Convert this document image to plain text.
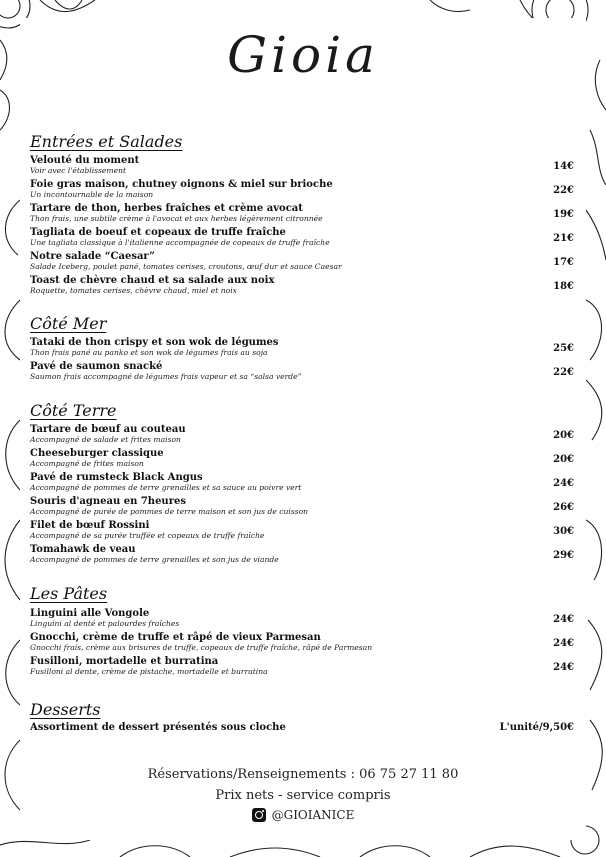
Gioia
Entrées et Salades
Velouté du moment
Voir avec l'établissement	14€
Foie gras maison, chutney oignons & miel sur brioche
Un incontournable de la maison	22€
Tartare de thon, herbes fraîches et crème avocat
Thon frais, une subtile crème à l'avocat et aux herbes légèrement citronnée	19€
Tagliata de boeuf et copeaux de truffe fraîche
Une tagliata classique à l'italienne accompagnée de copeaux de truffe fraîche	21€
Notre salade “Caesar”
Salade Iceberg, poulet pané, tomates cerises, croutons, œuf dur et sauce Caesar	17€
Toast de chèvre chaud et sa salade aux noix
Roquette, tomates cerises, chèvre chaud, miel et noix	18€
Côté Mer
Tataki de thon crispy et son wok de légumes
Thon frais pané au panko et son wok de légumes frais au soja	25€
Pavé de saumon snacké
Saumon frais accompagné de légumes frais vapeur et sa “salsa verde”	22€
Côté Terre
Tartare de bœuf au couteau
Accompagné de salade et frites maison	20€
Cheeseburger classique
Accompagné de frites maison	20€
Pavé de rumsteck Black Angus
Accompagné de pommes de terre grenailles et sa sauce au poivre vert	24€
Souris d'agneau en 7heures
Accompagné de purée de pommes de terre maison et son jus de cuisson	26€
Filet de bœuf Rossini
Accompagné de sa purée truffée et copeaux de truffe fraîche	30€
Tomahawk de veau
Accompagné de pommes de terre grenailles et son jus de viande	29€
Les Pâtes
Linguini alle Vongole
Linguini al denté et palourdes fraîches	24€
Gnocchi, crème de truffe et râpé de vieux Parmesan
Gnocchi frais, crème aux brisures de truffe, copeaux de truffe fraîche, râpé de Parmesan	24€
Fusilloni, mortadelle et burratina
Fusilloni al dente, crème de pistache, mortadelle et burratina	24€
Desserts
Assortiment de dessert présentés sous cloche	L'unité/9,50€
Réservations/Renseignements : 06 75 27 11 80
Prix nets - service compris
@GIOIANICE
